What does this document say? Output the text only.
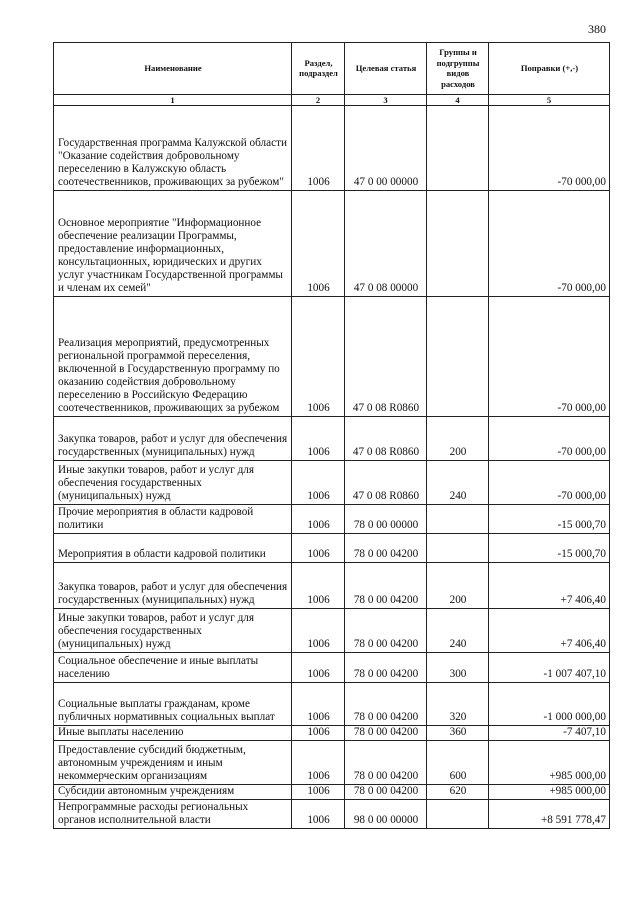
380
Наименование	Раздел, подраздел	Целевая статья	Группы и подгруппы видов расходов	Поправки (+,-)
1	2	3	4	5
Государственная программа Калужской области "Оказание содействия добровольному переселению в Калужскую область соотечественников, проживающих за рубежом"	1006	47 0 00 00000		-70 000,00
Основное мероприятие "Информационное обеспечение реализации Программы, предоставление информационных, консультационных, юридических и других услуг участникам Государственной программы и членам их семей"	1006	47 0 08 00000		-70 000,00
Реализация мероприятий, предусмотренных региональной программой переселения, включенной в Государственную программу по оказанию содействия добровольному переселению в Российскую Федерацию соотечественников, проживающих за рубежом	1006	47 0 08 R0860		-70 000,00
Закупка товаров, работ и услуг для обеспечения государственных (муниципальных) нужд	1006	47 0 08 R0860	200	-70 000,00
Иные закупки товаров, работ и услуг для обеспечения государственных (муниципальных) нужд	1006	47 0 08 R0860	240	-70 000,00
Прочие мероприятия в области кадровой политики	1006	78 0 00 00000		-15 000,70
Мероприятия в области кадровой политики	1006	78 0 00 04200		-15 000,70
Закупка товаров, работ и услуг для обеспечения государственных (муниципальных) нужд	1006	78 0 00 04200	200	+7 406,40
Иные закупки товаров, работ и услуг для обеспечения государственных (муниципальных) нужд	1006	78 0 00 04200	240	+7 406,40
Социальное обеспечение и иные выплаты населению	1006	78 0 00 04200	300	-1 007 407,10
Социальные выплаты гражданам, кроме публичных нормативных социальных выплат	1006	78 0 00 04200	320	-1 000 000,00
Иные выплаты населению	1006	78 0 00 04200	360	-7 407,10
Предоставление субсидий бюджетным, автономным учреждениям и иным некоммерческим организациям	1006	78 0 00 04200	600	+985 000,00
Субсидии автономным учреждениям	1006	78 0 00 04200	620	+985 000,00
Непрограммные расходы региональных органов исполнительной власти	1006	98 0 00 00000		+8 591 778,47
